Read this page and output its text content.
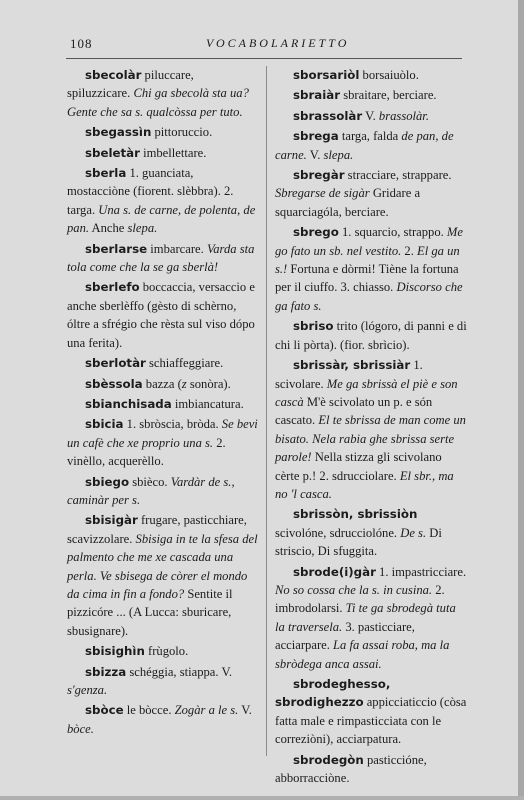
108	VOCABOLARIETTO
sbecolàr piluccare, spiluzzicare. Chi ga sbecolà sta ua? Gente che sa s. qualcòssa per tuto.
sbegassìn pittoruccio.
sbeletàr imbellettare.
sberla 1. guanciata, mostacciòne (fiorent. slèbbra). 2. targa. Una s. de carne, de polenta, de pan. Anche slepa.
sberlarse imbarcare. Varda sta tola come che la se ga sberlà!
sberlefo boccaccia, versaccio e anche sberlèffo (gèsto di schèrno, óltre a sfrégio che rèsta sul viso dópo una ferita).
sberlotàr schiaffeggiare.
sbèssola bazza (z sonòra).
sbianchisada imbiancatura.
sbicia 1. sbròscia, bròda. Se bevi un cafè che xe proprio una s. 2. vinèllo, acquerèllo.
sbiego sbièco. Vardàr de s., caminàr per s.
sbisigàr frugare, pasticchiare, scavizzolare. Sbisiga in te la sfesa del palmento che me xe cascada una perla. Ve sbisega de còrer el mondo da cima in fin a fondo? Sentite il pizzicóre ... (A Lucca: sburicare, sbusignare).
sbisighìn frùgolo.
sbizza schéggia, stiappa. V. s'genza.
sbòce le bòcce. Zogàr a le s. V. bòce.
sborsariòl borsaiuòlo.
sbraiàr sbraitare, berciare.
sbrassolàr V. brassolàr.
sbrega targa, falda de pan, de carne. V. slepa.
sbregàr stracciare, strappare. Sbregarse de sigàr Gridare a squarciagóla, berciare.
sbrego 1. squarcio, strappo. Me go fato un sb. nel vestito. 2. El ga un s.! Fortuna e dòrmi! Tiène la fortuna per il ciuffo. 3. chiasso. Discorso che ga fato s.
sbriso trito (lógoro, di panni e di chi li pòrta). (fior. sbrìcio).
sbrissàr, sbrissiàr 1. scivolare. Me ga sbrissà el piè e son cascà M'è scivolato un p. e són cascato. El te sbrissa de man come un bisato. Nela rabia ghe sbrissa serte parole! Nella stizza gli scivolano cèrte p.! 2. sdrucciolare. El sbr., ma no 'l casca.
sbrissòn, sbrissiòn scivolóne, sdrucciolóne. De s. Di striscio, Di sfuggita.
sbrode(i)gàr 1. impastricciare. No so cossa che la s. in cusina. 2. imbrodolarsi. Ti te ga sbrodegà tuta la traversela. 3. pasticciare, acciarpare. La fa assai roba, ma la sbròdega anca assai.
sbrodeghesso, sbrodighezzo appicciaticcio (còsa fatta male e rimpasticciata con le correziòni), acciarpatura.
sbrodegòn pasticcióne, abborracciòne.
